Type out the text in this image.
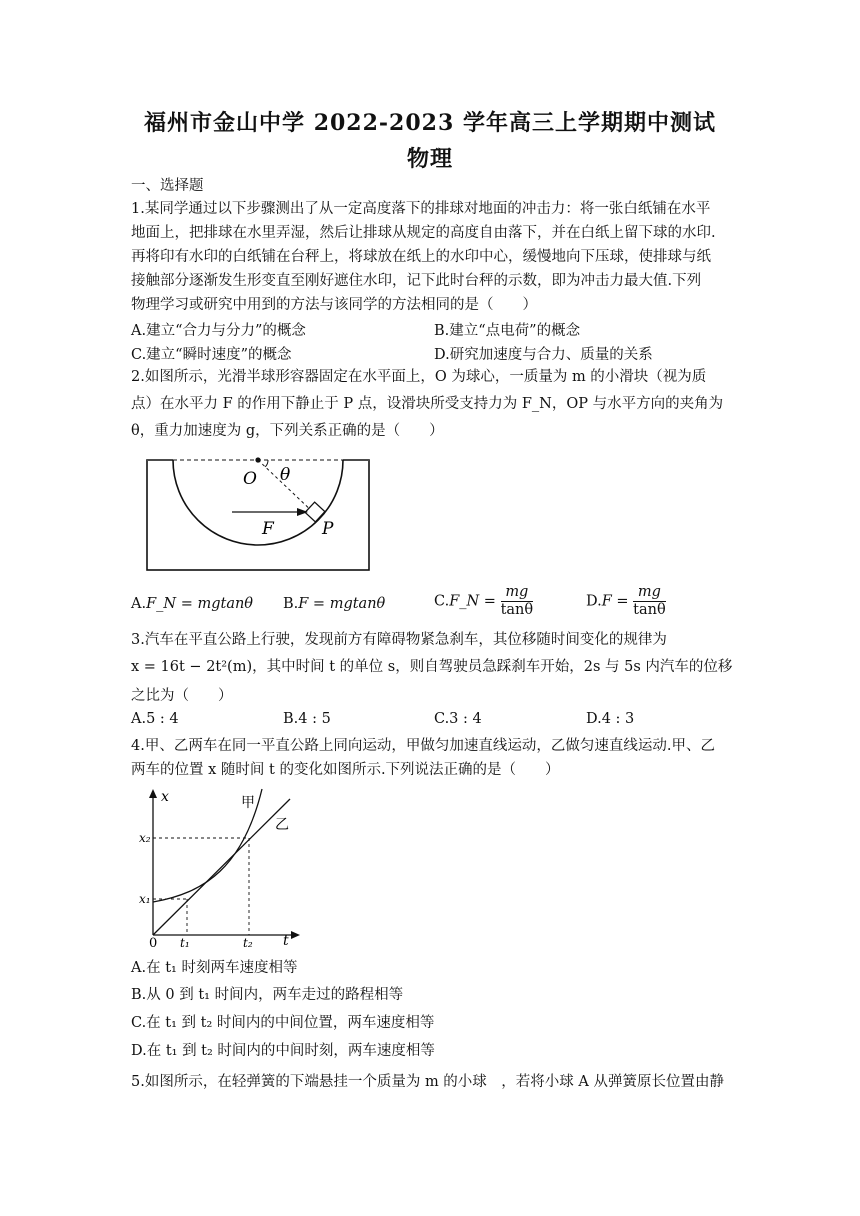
福州市金山中学 2022-2023 学年高三上学期期中测试
物理
一、选择题
1.某同学通过以下步骤测出了从一定高度落下的排球对地面的冲击力：将一张白纸铺在水平
地面上，把排球在水里弄湿，然后让排球从规定的高度自由落下，并在白纸上留下球的水印.
再将印有水印的白纸铺在台秤上，将球放在纸上的水印中心，缓慢地向下压球，使排球与纸
接触部分逐渐发生形变直至刚好遮住水印，记下此时台秤的示数，即为冲击力最大值.下列
物理学习或研究中用到的方法与该同学的方法相同的是（　　）
A.建立“合力与分力”的概念	B.建立“点电荷”的概念
C.建立“瞬时速度”的概念	D.研究加速度与合力、质量的关系
2.如图所示，光滑半球形容器固定在水平面上，O 为球心，一质量为 m 的小滑块（视为质
点）在水平力 F 的作用下静止于 P 点，设滑块所受支持力为 F_N，OP 与水平方向的夹角为
θ，重力加速度为 g，下列关系正确的是（　　）
O θ
F	P
A.F_N = mgtanθ B.F = mgtanθ	C.F_N = $\frac{mg}{\tan\theta}$	$D.F = \frac{mg}{\tan\theta}$
3.汽车在平直公路上行驶，发现前方有障碍物紧急刹车，其位移随时间变化的规律为
x = 16t − 2t²(m)，其中时间 t 的单位 s，则自驾驶员急踩刹车开始，2s 与 5s 内汽车的位移
之比为（　　）
A.5 : 4	B.4 : 5	C.3 : 4	D.4 : 3
4.甲、乙两车在同一平直公路上同向运动，甲做匀加速直线运动，乙做匀速直线运动.甲、乙
两车的位置 x 随时间 t 的变化如图所示.下列说法正确的是（　　）
x
t
0
x₁
x₂
t₁	t₂
甲
乙
A.在 t₁ 时刻两车速度相等
B.从 0 到 t₁ 时间内，两车走过的路程相等
C.在 t₁ 到 t₂ 时间内的中间位置，两车速度相等
D.在 t₁ 到 t₂ 时间内的中间时刻，两车速度相等
5.如图所示，在轻弹簧的下端悬挂一个质量为 m 的小球　，若将小球 A 从弹簧原长位置由静
